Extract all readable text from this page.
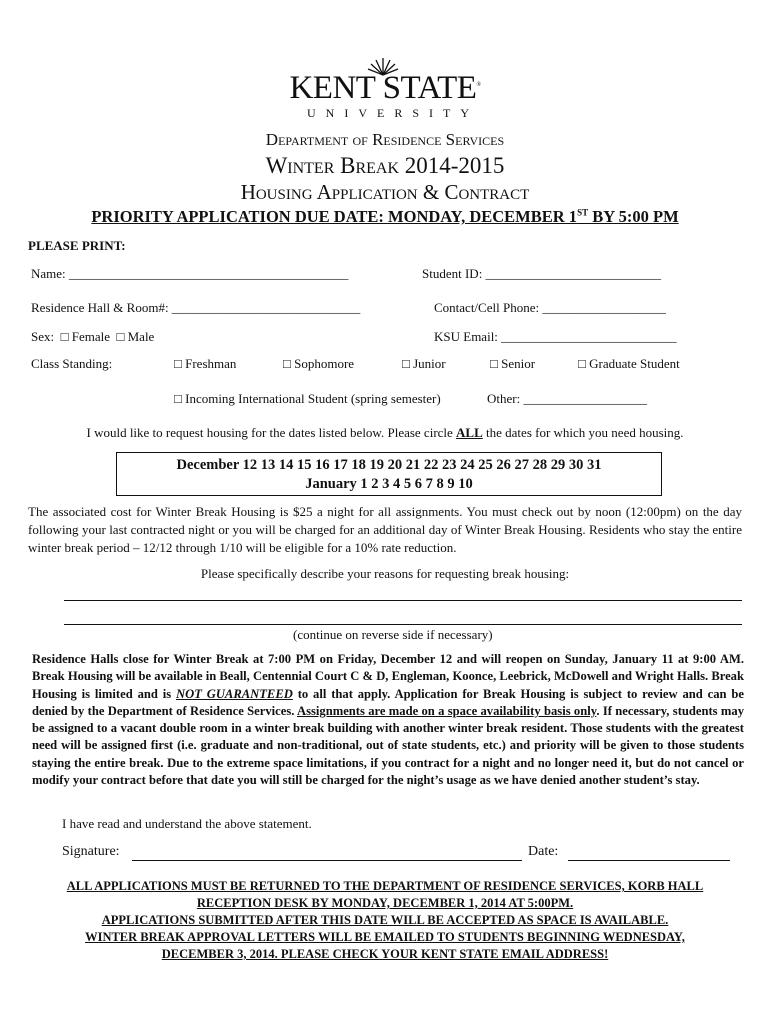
KENT STATE®
UNIVERSITY
Department of Residence Services
Winter Break 2014-2015
Housing Application & Contract
PRIORITY APPLICATION DUE DATE: MONDAY, DECEMBER 1ST BY 5:00 PM
PLEASE PRINT:
Name: ___________________________________________	Student ID: ___________________________
Residence Hall & Room#: _____________________________	Contact/Cell Phone: ___________________
Sex: □ Female □ Male	KSU Email: ___________________________
Class Standing:	□ Freshman	□ Sophomore	□ Junior	□ Senior	□ Graduate Student
□ Incoming International Student (spring semester)	Other: ___________________
I would like to request housing for the dates listed below. Please circle ALL the dates for which you need housing.
December 12 13 14 15 16 17 18 19 20 21 22 23 24 25 26 27 28 29 30 31
January 1 2 3 4 5 6 7 8 9 10
The associated cost for Winter Break Housing is $25 a night for all assignments. You must check out by noon (12:00pm) on the day following your last contracted night or you will be charged for an additional day of Winter Break Housing. Residents who stay the entire winter break period – 12/12 through 1/10 will be eligible for a 10% rate reduction.
Please specifically describe your reasons for requesting break housing:
(continue on reverse side if necessary)
Residence Halls close for Winter Break at 7:00 PM on Friday, December 12 and will reopen on Sunday, January 11 at 9:00 AM. Break Housing will be available in Beall, Centennial Court C & D, Engleman, Koonce, Leebrick, McDowell and Wright Halls. Break Housing is limited and is NOT GUARANTEED to all that apply. Application for Break Housing is subject to review and can be denied by the Department of Residence Services. Assignments are made on a space availability basis only. If necessary, students may be assigned to a vacant double room in a winter break building with another winter break resident. Those students with the greatest need will be assigned first (i.e. graduate and non-traditional, out of state students, etc.) and priority will be given to those students staying the entire break. Due to the extreme space limitations, if you contract for a night and no longer need it, but do not cancel or modify your contract before that date you will still be charged for the night’s usage as we have denied another student’s stay.
I have read and understand the above statement.
Signature:	Date:
ALL APPLICATIONS MUST BE RETURNED TO THE DEPARTMENT OF RESIDENCE SERVICES, KORB HALL
RECEPTION DESK BY MONDAY, DECEMBER 1, 2014 AT 5:00PM.
APPLICATIONS SUBMITTED AFTER THIS DATE WILL BE ACCEPTED AS SPACE IS AVAILABLE.
WINTER BREAK APPROVAL LETTERS WILL BE EMAILED TO STUDENTS BEGINNING WEDNESDAY,
DECEMBER 3, 2014. PLEASE CHECK YOUR KENT STATE EMAIL ADDRESS!
